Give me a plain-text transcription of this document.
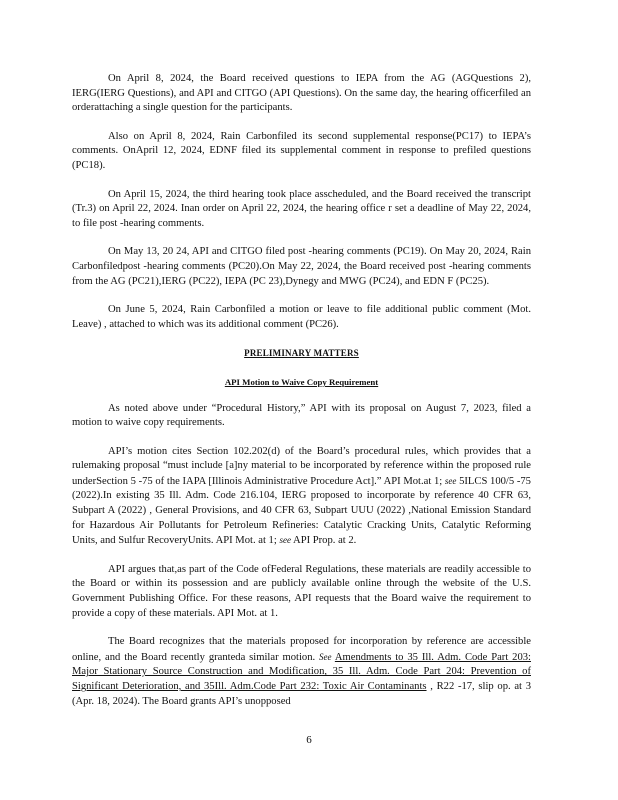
On April 8, 2024, the Board received questions to IEPA from the AG (AGQuestions 2), IERG(IERG Questions), and API and CITGO (API Questions). On the same day, the hearing officerfiled an orderattaching a single question for the participants.

Also on April 8, 2024, Rain Carbonfiled its second supplemental response(PC17) to IEPA’s comments. OnApril 12, 2024, EDNF filed its supplemental comment in response to prefiled questions (PC18).

On April 15, 2024, the third hearing took place asscheduled, and the Board received the transcript (Tr.3) on April 22, 2024. Inan order on April 22, 2024, the hearing office r set a deadline of May 22, 2024, to file post -hearing comments.

On May 13, 20 24, API and CITGO filed post -hearing comments (PC19). On May 20, 2024, Rain Carbonfiledpost -hearing comments (PC20).On May 22, 2024, the Board received post -hearing comments from the AG (PC21),IERG (PC22), IEPA (PC 23),Dynegy and MWG (PC24), and EDN F (PC25).

On June 5, 2024, Rain Carbonfiled a motion or leave to file additional public comment (Mot. Leave) , attached to which was its additional comment (PC26).

PRELIMINARY MATTERS
API Motion to Waive Copy Requirement

As noted above under “Procedural History,” API with its proposal on August 7, 2023, filed a motion to waive copy requirements.

API’s motion cites Section 102.202(d) of the Board’s procedural rules, which provides that a rulemaking proposal “must include [a]ny material to be incorporated by reference within the proposed rule underSection 5 -75 of the IAPA [Illinois Administrative Procedure Act].” API Mot.at 1; see 5ILCS 100/5 -75 (2022).In existing 35 Ill. Adm. Code 216.104, IERG proposed to incorporate by reference 40 CFR 63, Subpart A (2022) , General Provisions, and 40 CFR 63, Subpart UUU (2022) ,National Emission Standard for Hazardous Air Pollutants for Petroleum Refineries: Catalytic Cracking Units, Catalytic Reforming Units, and Sulfur RecoveryUnits. API Mot. at 1; see API Prop. at 2.

API argues that,as part of the Code ofFederal Regulations, these materials are readily accessible to the Board or within its possession and are publicly available online through the website of the U.S. Government Publishing Office. For these reasons, API requests that the Board waive the requirement to provide a copy of these materials. API Mot. at 1.

The Board recognizes that the materials proposed for incorporation by reference are accessible online, and the Board recently granteda similar motion. See Amendments to 35 Ill. Adm. Code Part 203: Major Stationary Source Construction and Modification, 35 Ill. Adm. Code Part 204: Prevention of Significant Deterioration, and 35Ill. Adm.Code Part 232: Toxic Air Contaminants , R22 -17, slip op. at 3 (Apr. 18, 2024). The Board grants API’s unopposed

6
